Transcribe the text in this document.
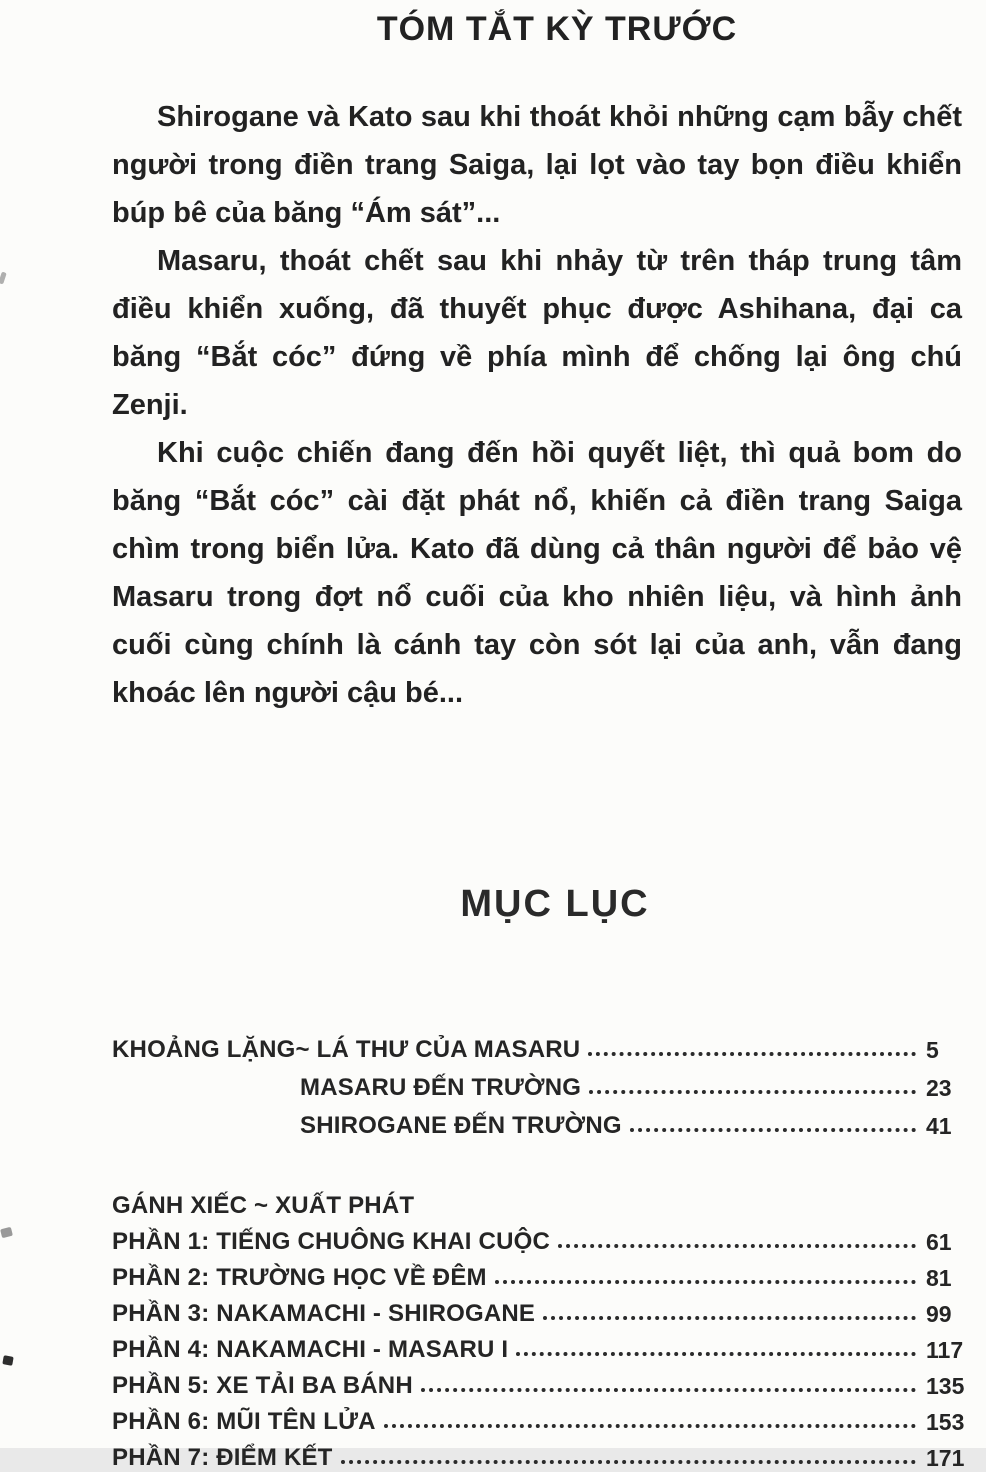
TÓM TẮT KỲ TRƯỚC

Shirogane và Kato sau khi thoát khỏi những cạm bẫy chết người trong điền trang Saiga, lại lọt vào tay bọn điều khiển búp bê của băng “Ám sát”...

Masaru, thoát chết sau khi nhảy từ trên tháp trung tâm điều khiển xuống, đã thuyết phục được Ashihana, đại ca băng “Bắt cóc” đứng về phía mình để chống lại ông chú Zenji.

Khi cuộc chiến đang đến hồi quyết liệt, thì quả bom do băng “Bắt cóc” cài đặt phát nổ, khiến cả điền trang Saiga chìm trong biển lửa. Kato đã dùng cả thân người để bảo vệ Masaru trong đợt nổ cuối của kho nhiên liệu, và hình ảnh cuối cùng chính là cánh tay còn sót lại của anh, vẫn đang khoác lên người cậu bé...

MỤC LỤC
KHOẢNG LẶNG~ LÁ THƯ CỦA MASARU	5
MASARU ĐẾN TRƯỜNG	23
SHIROGANE ĐẾN TRƯỜNG	41
GÁNH XIẾC ~ XUẤT PHÁT
PHẦN 1: TIẾNG CHUÔNG KHAI CUỘC	61
PHẦN 2: TRƯỜNG HỌC VỀ ĐÊM	81
PHẦN 3: NAKAMACHI - SHIROGANE	99
PHẦN 4: NAKAMACHI - MASARU I	117
PHẦN 5: XE TẢI BA BÁNH	135
PHẦN 6: MŨI TÊN LỬA	153
PHẦN 7: ĐIỂM KẾT	171
